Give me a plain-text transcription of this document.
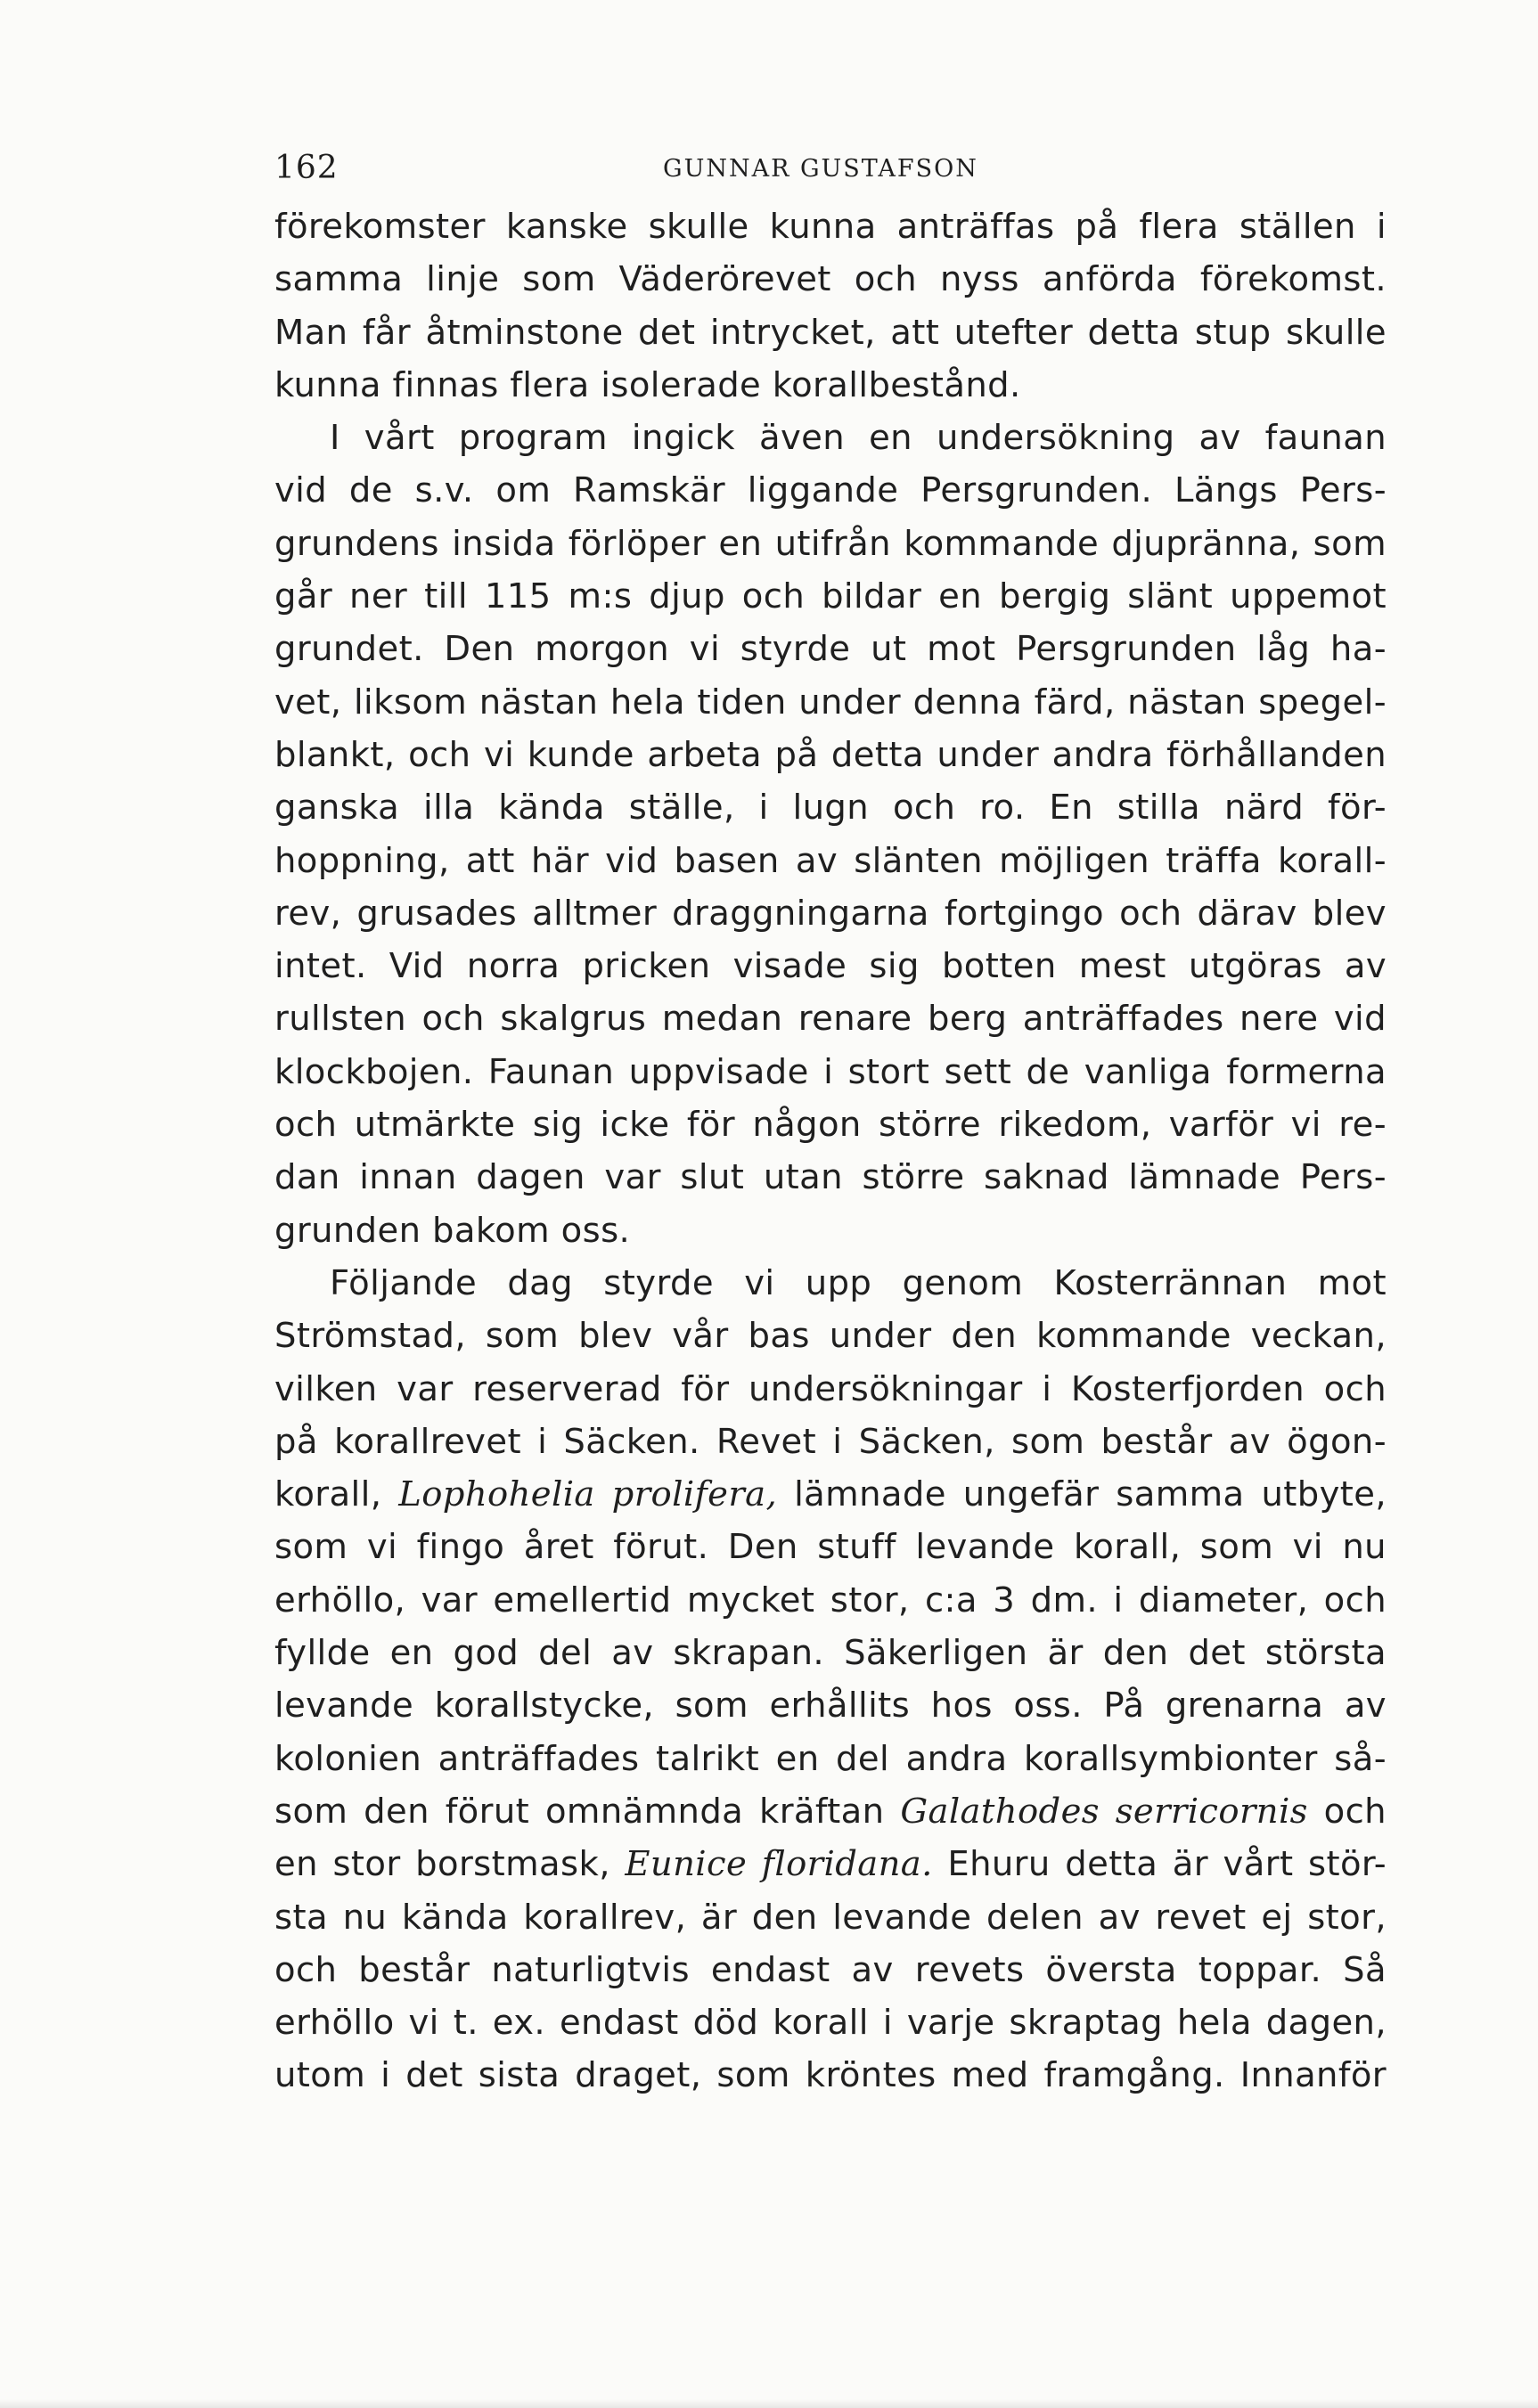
162	GUNNAR GUSTAFSON
förekomster kanske skulle kunna anträffas på flera ställen i
samma linje som Väderörevet och nyss anförda förekomst.
Man får åtminstone det intrycket, att utefter detta stup skulle
kunna finnas flera isolerade korallbestånd.
I vårt program ingick även en undersökning av faunan
vid de s.v. om Ramskär liggande Persgrunden. Längs Pers-
grundens insida förlöper en utifrån kommande djupränna, som
går ner till 115 m:s djup och bildar en bergig slänt uppemot
grundet. Den morgon vi styrde ut mot Persgrunden låg ha-
vet, liksom nästan hela tiden under denna färd, nästan spegel-
blankt, och vi kunde arbeta på detta under andra förhållanden
ganska illa kända ställe, i lugn och ro. En stilla närd för-
hoppning, att här vid basen av slänten möjligen träffa korall-
rev, grusades alltmer draggningarna fortgingo och därav blev
intet. Vid norra pricken visade sig botten mest utgöras av
rullsten och skalgrus medan renare berg anträffades nere vid
klockbojen. Faunan uppvisade i stort sett de vanliga formerna
och utmärkte sig icke för någon större rikedom, varför vi re-
dan innan dagen var slut utan större saknad lämnade Pers-
grunden bakom oss.
Följande dag styrde vi upp genom Kosterrännan mot
Strömstad, som blev vår bas under den kommande veckan,
vilken var reserverad för undersökningar i Kosterfjorden och
på korallrevet i Säcken. Revet i Säcken, som består av ögon-
korall, Lophohelia prolifera, lämnade ungefär samma utbyte,
som vi fingo året förut. Den stuff levande korall, som vi nu
erhöllo, var emellertid mycket stor, c:a 3 dm. i diameter, och
fyllde en god del av skrapan. Säkerligen är den det största
levande korallstycke, som erhållits hos oss. På grenarna av
kolonien anträffades talrikt en del andra korallsymbionter så-
som den förut omnämnda kräftan Galathodes serricornis och
en stor borstmask, Eunice floridana. Ehuru detta är vårt stör-
sta nu kända korallrev, är den levande delen av revet ej stor,
och består naturligtvis endast av revets översta toppar. Så
erhöllo vi t. ex. endast död korall i varje skraptag hela dagen,
utom i det sista draget, som kröntes med framgång. Innanför
